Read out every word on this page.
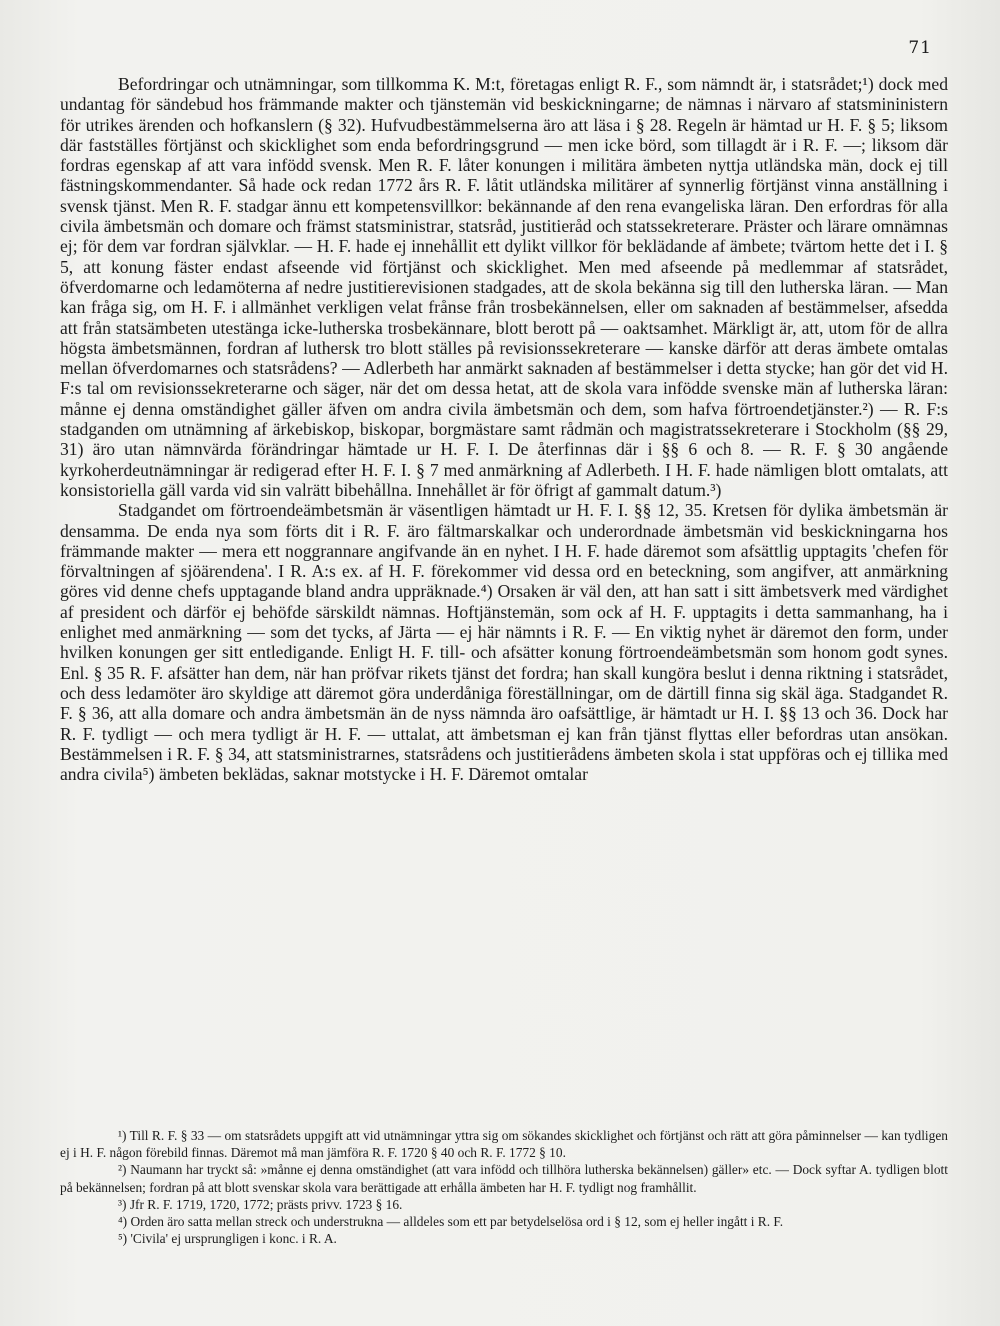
71

Befordringar och utnämningar, som tillkomma K. M:t, företagas enligt R. F., som nämndt är, i statsrådet;¹) dock med undantag för sändebud hos främmande makter och tjänstemän vid beskickningarne; de nämnas i närvaro af statsmininistern för utrikes ärenden och hofkanslern (§ 32). Hufvudbestämmelserna äro att läsa i § 28. Regeln är hämtad ur H. F. § 5; liksom där fastställes förtjänst och skicklighet som enda befordringsgrund — men icke börd, som tillagdt är i R. F. —; liksom där fordras egenskap af att vara infödd svensk. Men R. F. låter konungen i militära ämbeten nyttja utländska män, dock ej till fästningskommendanter. Så hade ock redan 1772 års R. F. låtit utländska militärer af synnerlig förtjänst vinna anställning i svensk tjänst. Men R. F. stadgar ännu ett kompetensvillkor: bekännande af den rena evangeliska läran. Den erfordras för alla civila ämbetsmän och domare och främst statsministrar, statsråd, justitieråd och statssekreterare. Präster och lärare omnämnas ej; för dem var fordran självklar. — H. F. hade ej innehållit ett dylikt villkor för beklädande af ämbete; tvärtom hette det i I. § 5, att konung fäster endast afseende vid förtjänst och skicklighet. Men med afseende på medlemmar af statsrådet, öfverdomarne och ledamöterna af nedre justitierevisionen stadgades, att de skola bekänna sig till den lutherska läran. — Man kan fråga sig, om H. F. i allmänhet verkligen velat frånse från trosbekännelsen, eller om saknaden af bestämmelser, afsedda att från statsämbeten utestänga icke-lutherska trosbekännare, blott berott på — oaktsamhet. Märkligt är, att, utom för de allra högsta ämbetsmännen, fordran af luthersk tro blott ställes på revisionssekreterare — kanske därför att deras ämbete omtalas mellan öfverdomarnes och statsrådens? — Adlerbeth har anmärkt saknaden af bestämmelser i detta stycke; han gör det vid H. F:s tal om revisionssekreterarne och säger, när det om dessa hetat, att de skola vara infödde svenske män af lutherska läran: månne ej denna omständighet gäller äfven om andra civila ämbetsmän och dem, som hafva förtroendetjänster.²) — R. F:s stadganden om utnämning af ärkebiskop, biskopar, borgmästare samt rådmän och magistratssekreterare i Stockholm (§§ 29, 31) äro utan nämnvärda förändringar hämtade ur H. F. I. De återfinnas där i §§ 6 och 8. — R. F. § 30 angående kyrkoherdeutnämningar är redigerad efter H. F. I. § 7 med anmärkning af Adlerbeth. I H. F. hade nämligen blott omtalats, att konsistoriella gäll varda vid sin valrätt bibehållna. Innehållet är för öfrigt af gammalt datum.³)

Stadgandet om förtroendeämbetsmän är väsentligen hämtadt ur H. F. I. §§ 12, 35. Kretsen för dylika ämbetsmän är densamma. De enda nya som förts dit i R. F. äro fältmarskalkar och underordnade ämbetsmän vid beskickningarna hos främmande makter — mera ett noggrannare angifvande än en nyhet. I H. F. hade däremot som afsättlig upptagits 'chefen för förvaltningen af sjöärendena'. I R. A:s ex. af H. F. förekommer vid dessa ord en beteckning, som angifver, att anmärkning göres vid denne chefs upptagande bland andra uppräknade.⁴) Orsaken är väl den, att han satt i sitt ämbetsverk med värdighet af president och därför ej behöfde särskildt nämnas. Hoftjänstemän, som ock af H. F. upptagits i detta sammanhang, ha i enlighet med anmärkning — som det tycks, af Järta — ej här nämnts i R. F. — En viktig nyhet är däremot den form, under hvilken konungen ger sitt entledigande. Enligt H. F. till- och afsätter konung förtroendeämbetsmän som honom godt synes. Enl. § 35 R. F. afsätter han dem, när han pröfvar rikets tjänst det fordra; han skall kungöra beslut i denna riktning i statsrådet, och dess ledamöter äro skyldige att däremot göra underdåniga föreställningar, om de därtill finna sig skäl äga. Stadgandet R. F. § 36, att alla domare och andra ämbetsmän än de nyss nämnda äro oafsättlige, är hämtadt ur H. I. §§ 13 och 36. Dock har R. F. tydligt — och mera tydligt är H. F. — uttalat, att ämbetsman ej kan från tjänst flyttas eller befordras utan ansökan. Bestämmelsen i R. F. § 34, att statsministrarnes, statsrådens och justitierådens ämbeten skola i stat uppföras och ej tillika med andra civila⁵) ämbeten beklädas, saknar motstycke i H. F. Däremot omtalar

¹) Till R. F. § 33 — om statsrådets uppgift att vid utnämningar yttra sig om sökandes skicklighet och förtjänst och rätt att göra påminnelser — kan tydligen ej i H. F. någon förebild finnas. Däremot må man jämföra R. F. 1720 § 40 och R. F. 1772 § 10.

²) Naumann har tryckt så: »månne ej denna omständighet (att vara infödd och tillhöra lutherska bekännelsen) gäller» etc. — Dock syftar A. tydligen blott på bekännelsen; fordran på att blott svenskar skola vara berättigade att erhålla ämbeten har H. F. tydligt nog framhållit.

³) Jfr R. F. 1719, 1720, 1772; prästs privv. 1723 § 16.

⁴) Orden äro satta mellan streck och understrukna — alldeles som ett par betydelselösa ord i § 12, som ej heller ingått i R. F.

⁵) 'Civila' ej ursprungligen i konc. i R. A.
